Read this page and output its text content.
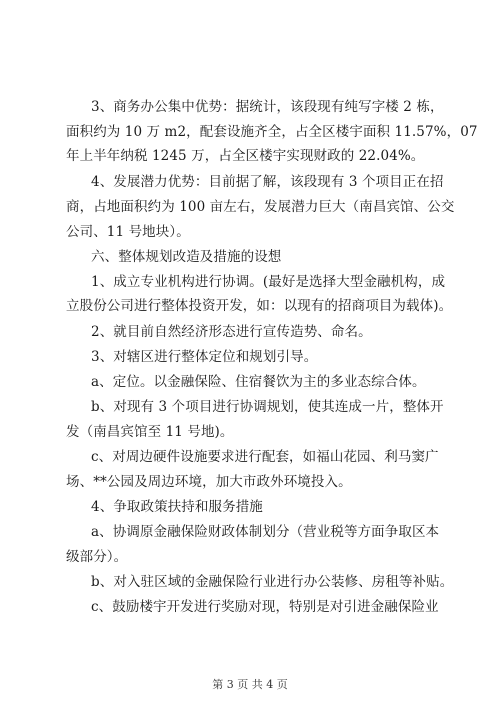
3、商务办公集中优势：据统计，该段现有纯写字楼 2 栋，
面积约为 10 万 m2，配套设施齐全，占全区楼宇面积 11.57%，07
年上半年纳税 1245 万，占全区楼宇实现财政的 22.04%。
4、发展潜力优势：目前据了解，该段现有 3 个项目正在招
商，占地面积约为 100 亩左右，发展潜力巨大（南昌宾馆、公交
公司、11 号地块）。
六、整体规划改造及措施的设想
1、成立专业机构进行协调。(最好是选择大型金融机构，成
立股份公司进行整体投资开发，如：以现有的招商项目为载体)。
2、就目前自然经济形态进行宣传造势、命名。
3、对辖区进行整体定位和规划引导。
a、定位。以金融保险、住宿餐饮为主的多业态综合体。
b、对现有 3 个项目进行协调规划，使其连成一片，整体开
发（南昌宾馆至 11 号地)。
c、对周边硬件设施要求进行配套，如福山花园、利马窦广
场、**公园及周边环境，加大市政外环境投入。
4、争取政策扶持和服务措施
a、协调原金融保险财政体制划分（营业税等方面争取区本
级部分）。
b、对入驻区域的金融保险行业进行办公装修、房租等补贴。
c、鼓励楼宇开发进行奖励对现，特别是对引进金融保险业
第 3 页 共 4 页
